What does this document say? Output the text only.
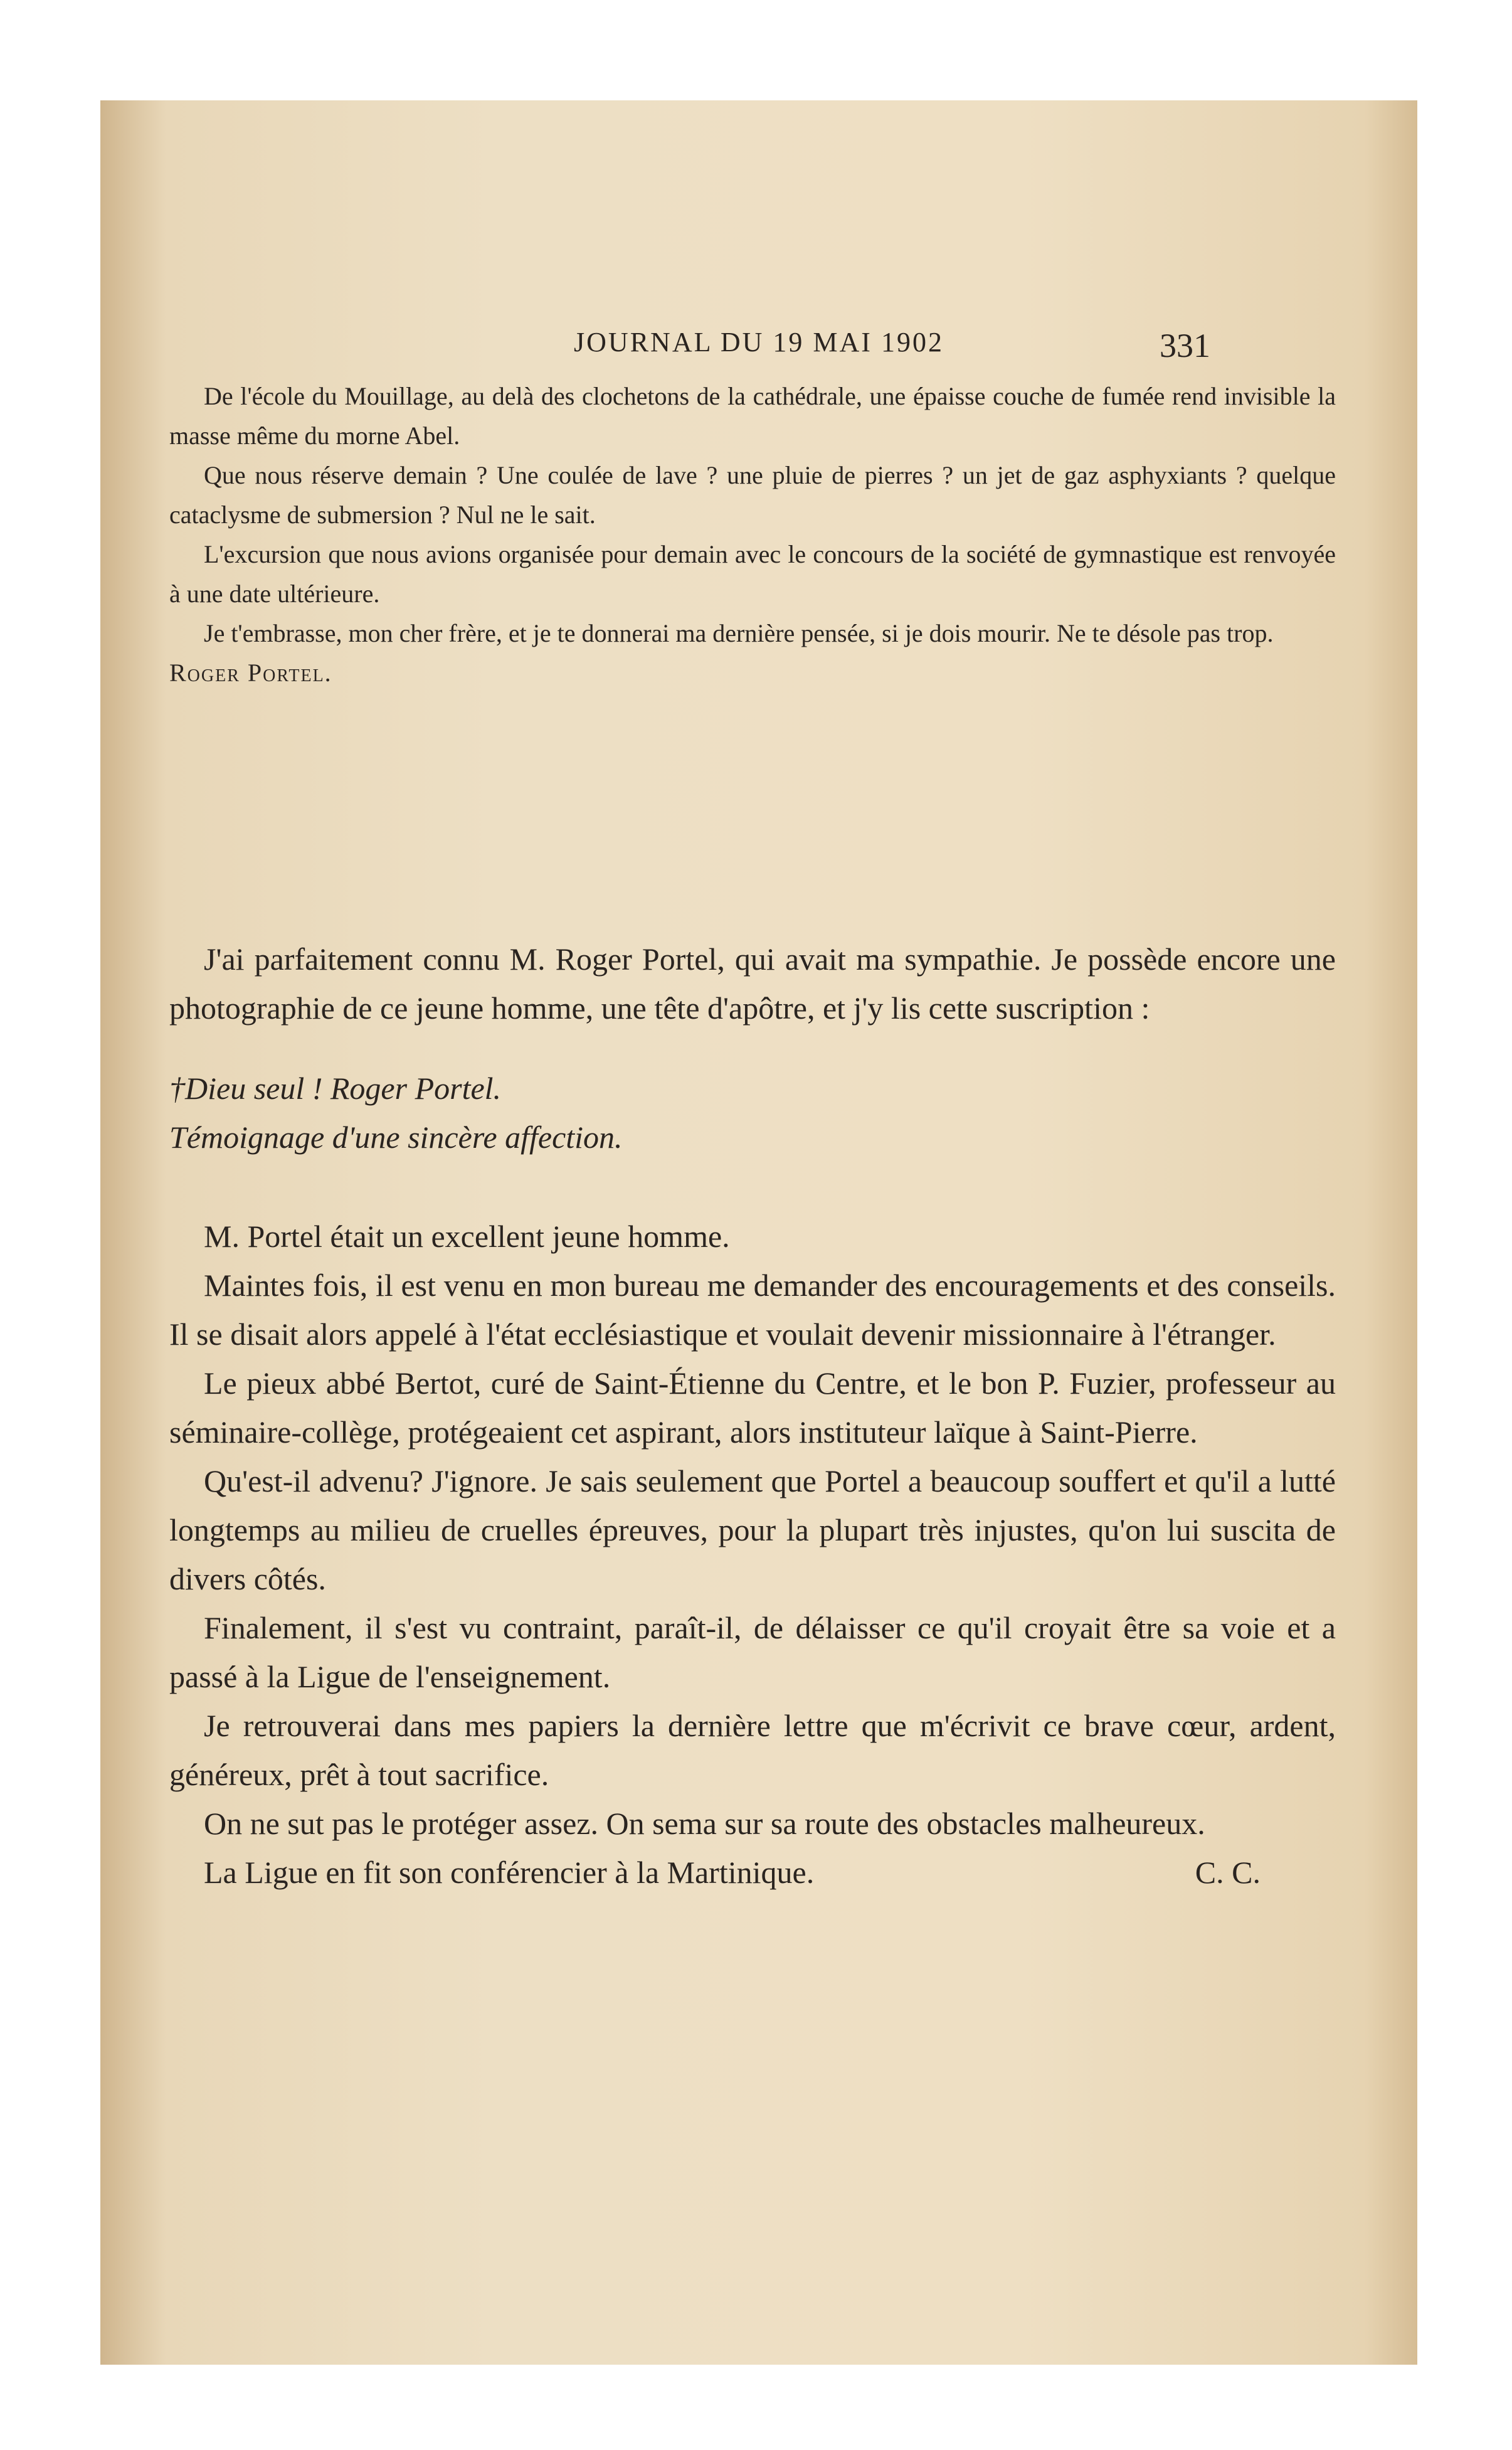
JOURNAL DU 19 MAI 1902	331

De l'école du Mouillage, au delà des clochetons de la cathédrale, une épaisse couche de fumée rend invisible la masse même du morne Abel.

Que nous réserve demain ? Une coulée de lave ? une pluie de pierres ? un jet de gaz asphyxiants ? quelque cataclysme de submersion ? Nul ne le sait.

L'excursion que nous avions organisée pour demain avec le concours de la société de gymnastique est renvoyée à une date ultérieure.

Je t'embrasse, mon cher frère, et je te donnerai ma dernière pensée, si je dois mourir. Ne te désole pas trop.

Roger Portel.

J'ai parfaitement connu M. Roger Portel, qui avait ma sympathie. Je possède encore une photographie de ce jeune homme, une tête d'apôtre, et j'y lis cette suscription :

†Dieu seul ! Roger Portel.
Témoignage d'une sincère affection.

M. Portel était un excellent jeune homme.

Maintes fois, il est venu en mon bureau me demander des encouragements et des conseils. Il se disait alors appelé à l'état ecclésiastique et voulait devenir missionnaire à l'étranger.

Le pieux abbé Bertot, curé de Saint-Étienne du Centre, et le bon P. Fuzier, professeur au séminaire-collège, protégeaient cet aspirant, alors instituteur laïque à Saint-Pierre.

Qu'est-il advenu? J'ignore. Je sais seulement que Portel a beaucoup souffert et qu'il a lutté longtemps au milieu de cruelles épreuves, pour la plupart très injustes, qu'on lui suscita de divers côtés.

Finalement, il s'est vu contraint, paraît-il, de délaisser ce qu'il croyait être sa voie et a passé à la Ligue de l'enseignement.

Je retrouverai dans mes papiers la dernière lettre que m'écrivit ce brave cœur, ardent, généreux, prêt à tout sacrifice.

On ne sut pas le protéger assez. On sema sur sa route des obstacles malheureux.

La Ligue en fit son conférencier à la Martinique.	C. C.
